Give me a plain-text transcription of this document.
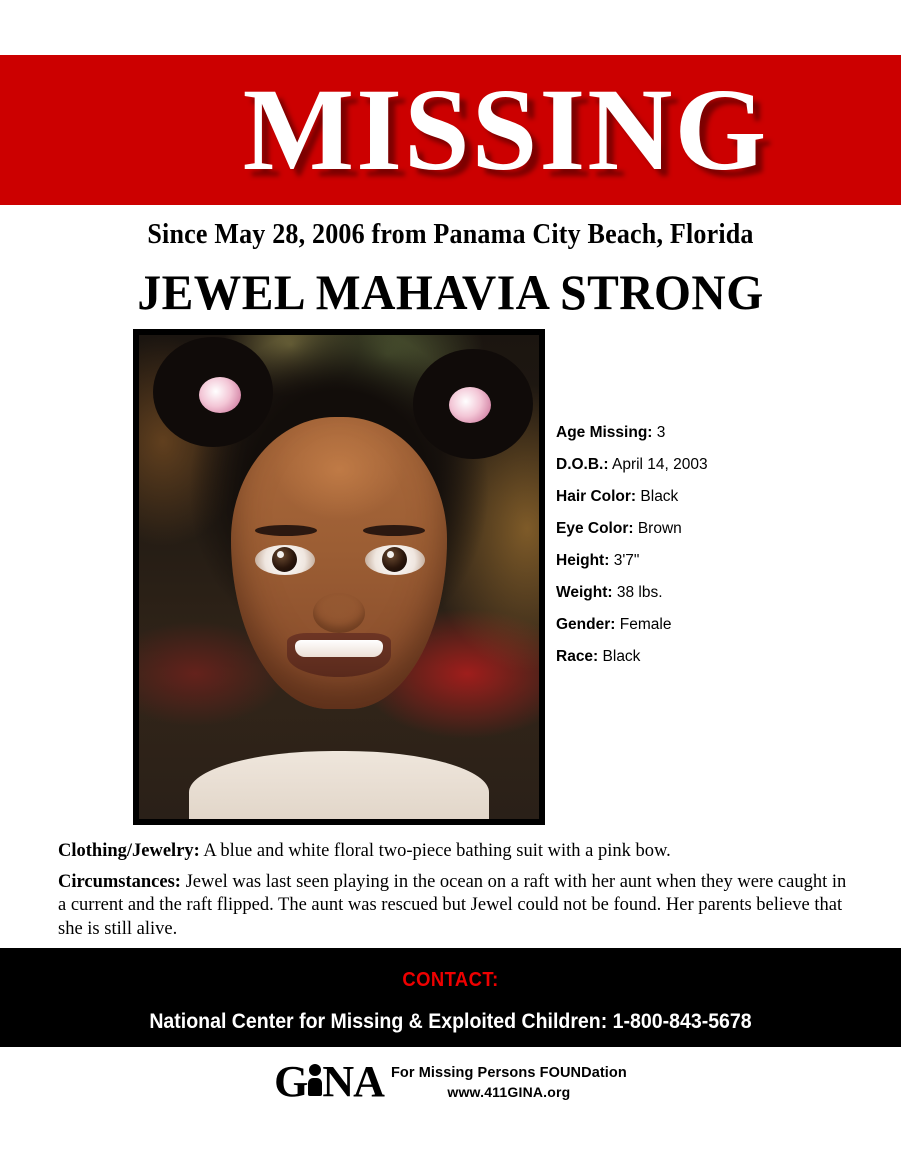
MISSING
Since May 28, 2006 from Panama City Beach, Florida
JEWEL MAHAVIA STRONG
Age Missing: 3
D.O.B.: April 14, 2003
Hair Color: Black
Eye Color: Brown
Height: 3'7"
Weight: 38 lbs.
Gender: Female
Race: Black

Clothing/Jewelry: A blue and white floral two-piece bathing suit with a pink bow.

Circumstances: Jewel was last seen playing in the ocean on a raft with her aunt when they were caught in a current and the raft flipped. The aunt was rescued but Jewel could not be found. Her parents believe that she is still alive.

CONTACT:
National Center for Missing & Exploited Children: 1-800-843-5678
G NA For Missing Persons FOUNDation
www.411GINA.org
